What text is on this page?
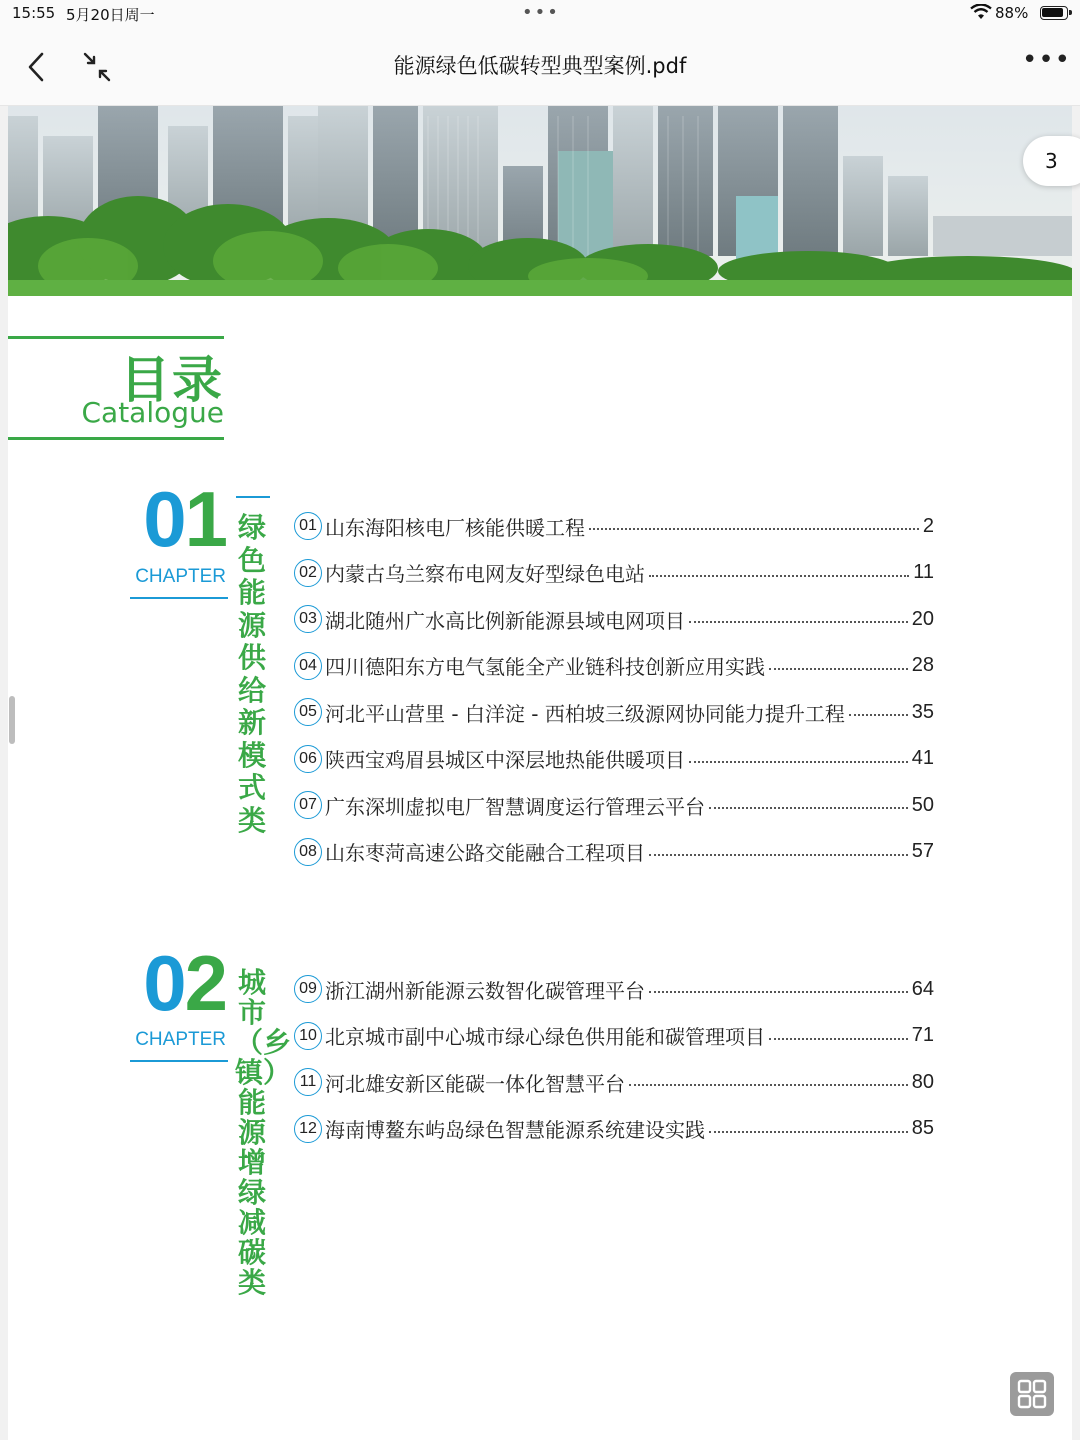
15:55 5月20日周一	•••	88%
能源绿色低碳转型典型案例.pdf	•••
目录
Catalogue
01
CHAPTER
绿色能源供给新模式类
01 山东海阳核电厂核能供暖工程	2
02 内蒙古乌兰察布电网友好型绿色电站	11
03 湖北随州广水高比例新能源县域电网项目	20
04 四川德阳东方电气氢能全产业链科技创新应用实践	28
05 河北平山营里 - 白洋淀 - 西柏坡三级源网协同能力提升工程	35
06 陕西宝鸡眉县城区中深层地热能供暖项目	41
07 广东深圳虚拟电厂智慧调度运行管理云平台	50
08 山东枣菏高速公路交能融合工程项目	57
02
CHAPTER
城市（乡镇）能源增绿减碳类
09 浙江湖州新能源云数智化碳管理平台	64
10 北京城市副中心城市绿心绿色供用能和碳管理项目	71
11 河北雄安新区能碳一体化智慧平台	80
12 海南博鳌东屿岛绿色智慧能源系统建设实践	85
3
